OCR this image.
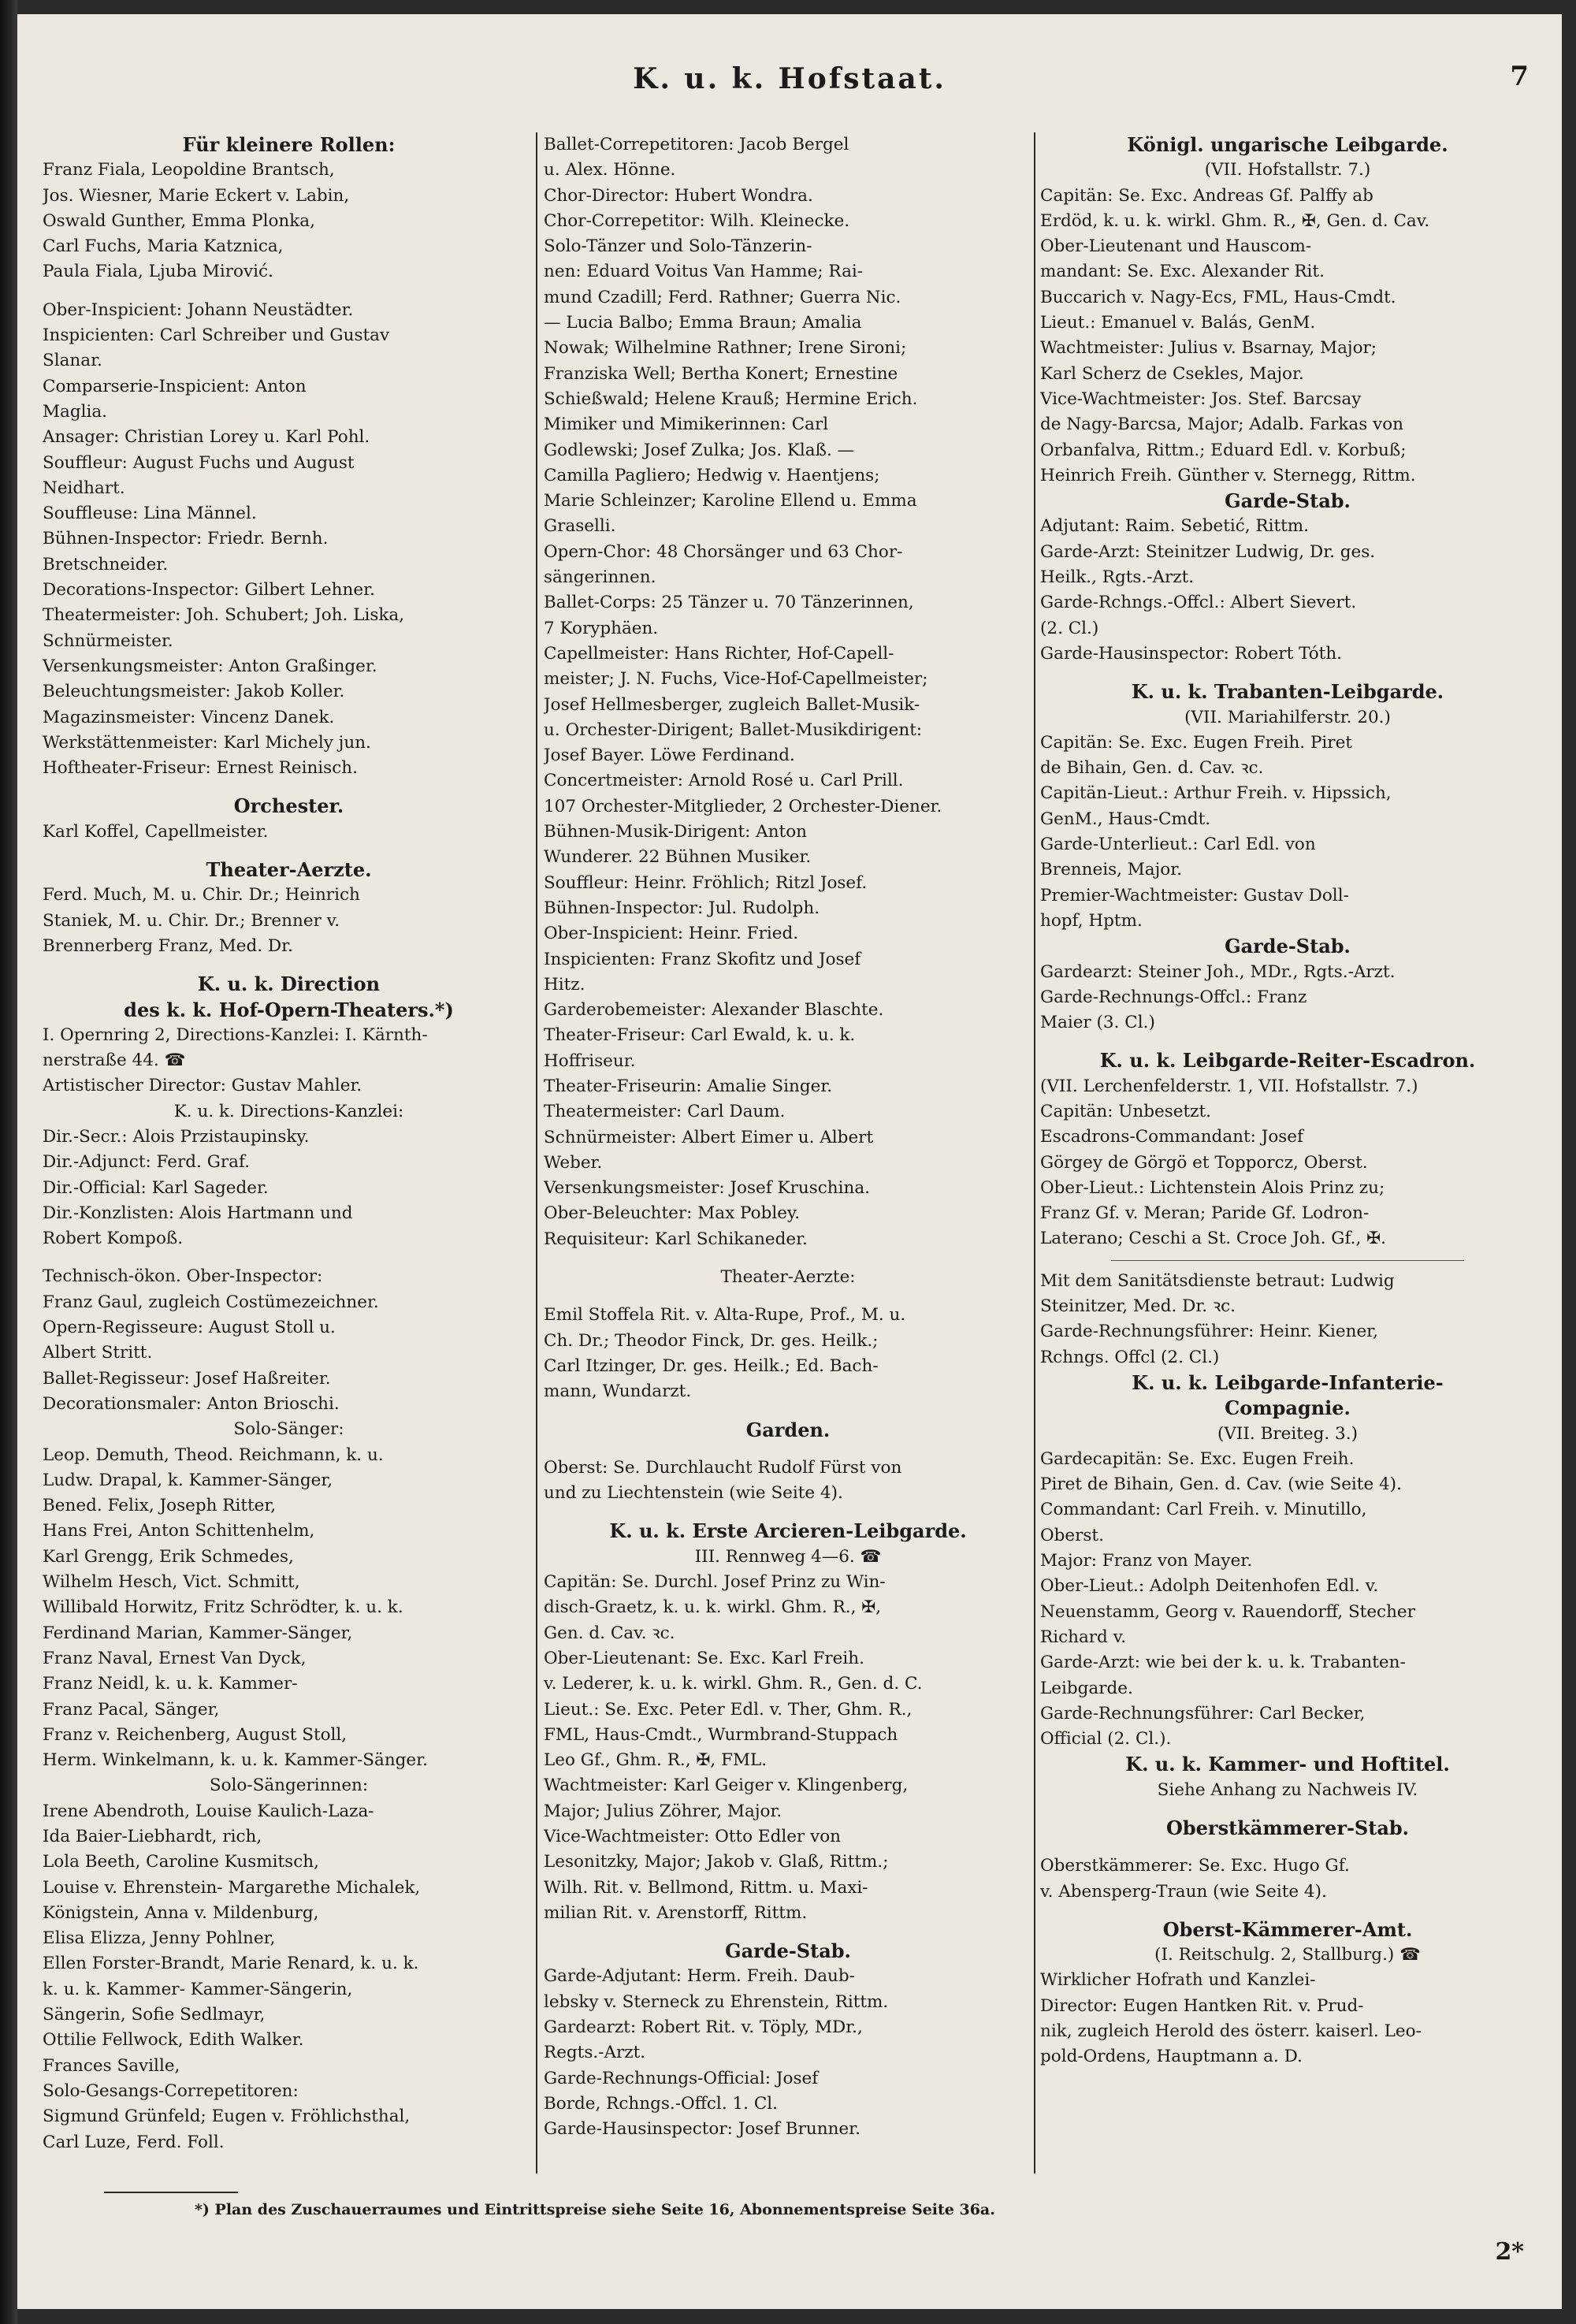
K. u. k. Hofstaat.	7
Für kleinere Rollen:
Franz Fiala, Leopoldine Brantsch,
Jos. Wiesner, Marie Eckert v. Labin,
Oswald Gunther, Emma Plonka,
Carl Fuchs, Maria Katznica,
Paula Fiala, Ljuba Mirović.
Ober-Inspicient: Johann Neustädter.
Inspicienten: Carl Schreiber und Gustav
Slanar.
Comparserie-Inspicient: Anton
Maglia.
Ansager: Christian Lorey u. Karl Pohl.
Souffleur: August Fuchs und August
Neidhart.
Souffleuse: Lina Männel.
Bühnen-Inspector: Friedr. Bernh.
Bretschneider.
Decorations-Inspector: Gilbert Lehner.
Theatermeister: Joh. Schubert; Joh. Liska,
Schnürmeister.
Versenkungsmeister: Anton Graßinger.
Beleuchtungsmeister: Jakob Koller.
Magazinsmeister: Vincenz Danek.
Werkstättenmeister: Karl Michely jun.
Hoftheater-Friseur: Ernest Reinisch.
Orchester.
Karl Koffel, Capellmeister.
Theater-Aerzte.
Ferd. Much, M. u. Chir. Dr.; Heinrich
Staniek, M. u. Chir. Dr.; Brenner v.
Brennerberg Franz, Med. Dr.
K. u. k. Direction
des k. k. Hof-Opern-Theaters.*)
I. Opernring 2, Directions-Kanzlei: I. Kärnth-
nerstraße 44. ☎
Artistischer Director: Gustav Mahler.
K. u. k. Directions-Kanzlei:
Dir.-Secr.: Alois Przistaupinsky.
Dir.-Adjunct: Ferd. Graf.
Dir.-Official: Karl Sageder.
Dir.-Konzlisten: Alois Hartmann und
Robert Kompoß.
Technisch-ökon. Ober-Inspector:
Franz Gaul, zugleich Costümezeichner.
Opern-Regisseure: August Stoll u.
Albert Stritt.
Ballet-Regisseur: Josef Haßreiter.
Decorationsmaler: Anton Brioschi.
Solo-Sänger:
Leop. Demuth, Theod. Reichmann, k. u.
Ludw. Drapal, k. Kammer-Sänger,
Bened. Felix, Joseph Ritter,
Hans Frei, Anton Schittenhelm,
Karl Grengg, Erik Schmedes,
Wilhelm Hesch, Vict. Schmitt,
Willibald Horwitz, Fritz Schrödter, k. u. k.
Ferdinand Marian, Kammer-Sänger,
Franz Naval, Ernest Van Dyck,
Franz Neidl, k. u. k. Kammer-
Franz Pacal, Sänger,
Franz v. Reichenberg, August Stoll,
Herm. Winkelmann, k. u. k. Kammer-Sänger.
Solo-Sängerinnen:
Irene Abendroth, Louise Kaulich-Laza-
Ida Baier-Liebhardt, rich,
Lola Beeth, Caroline Kusmitsch,
Louise v. Ehrenstein- Margarethe Michalek,
Königstein, Anna v. Mildenburg,
Elisa Elizza, Jenny Pohlner,
Ellen Forster-Brandt, Marie Renard, k. u. k.
k. u. k. Kammer- Kammer-Sängerin,
Sängerin, Sofie Sedlmayr,
Ottilie Fellwock, Edith Walker.
Frances Saville,
Solo-Gesangs-Correpetitoren:
Sigmund Grünfeld; Eugen v. Fröhlichsthal,
Carl Luze, Ferd. Foll.
Ballet-Correpetitoren: Jacob Bergel
u. Alex. Hönne.
Chor-Director: Hubert Wondra.
Chor-Correpetitor: Wilh. Kleinecke.
Solo-Tänzer und Solo-Tänzerin-
nen: Eduard Voitus Van Hamme; Rai-
mund Czadill; Ferd. Rathner; Guerra Nic.
— Lucia Balbo; Emma Braun; Amalia
Nowak; Wilhelmine Rathner; Irene Sironi;
Franziska Well; Bertha Konert; Ernestine
Schießwald; Helene Krauß; Hermine Erich.
Mimiker und Mimikerinnen: Carl
Godlewski; Josef Zulka; Jos. Klaß. —
Camilla Pagliero; Hedwig v. Haentjens;
Marie Schleinzer; Karoline Ellend u. Emma
Graselli.
Opern-Chor: 48 Chorsänger und 63 Chor-
sängerinnen.
Ballet-Corps: 25 Tänzer u. 70 Tänzerinnen,
7 Koryphäen.
Capellmeister: Hans Richter, Hof-Capell-
meister; J. N. Fuchs, Vice-Hof-Capellmeister;
Josef Hellmesberger, zugleich Ballet-Musik-
u. Orchester-Dirigent; Ballet-Musikdirigent:
Josef Bayer. Löwe Ferdinand.
Concertmeister: Arnold Rosé u. Carl Prill.
107 Orchester-Mitglieder, 2 Orchester-Diener.
Bühnen-Musik-Dirigent: Anton
Wunderer. 22 Bühnen Musiker.
Souffleur: Heinr. Fröhlich; Ritzl Josef.
Bühnen-Inspector: Jul. Rudolph.
Ober-Inspicient: Heinr. Fried.
Inspicienten: Franz Skofitz und Josef
Hitz.
Garderobemeister: Alexander Blaschte.
Theater-Friseur: Carl Ewald, k. u. k.
Hoffriseur.
Theater-Friseurin: Amalie Singer.
Theatermeister: Carl Daum.
Schnürmeister: Albert Eimer u. Albert
Weber.
Versenkungsmeister: Josef Kruschina.
Ober-Beleuchter: Max Pobley.
Requisiteur: Karl Schikaneder.
Theater-Aerzte:
Emil Stoffela Rit. v. Alta-Rupe, Prof., M. u.
Ch. Dr.; Theodor Finck, Dr. ges. Heilk.;
Carl Itzinger, Dr. ges. Heilk.; Ed. Bach-
mann, Wundarzt.
Garden.
Oberst: Se. Durchlaucht Rudolf Fürst von
und zu Liechtenstein (wie Seite 4).
K. u. k. Erste Arcieren-Leibgarde.
III. Rennweg 4—6. ☎
Capitän: Se. Durchl. Josef Prinz zu Win-
disch-Graetz, k. u. k. wirkl. Ghm. R., ✠,
Gen. d. Cav. ꝛc.
Ober-Lieutenant: Se. Exc. Karl Freih.
v. Lederer, k. u. k. wirkl. Ghm. R., Gen. d. C.
Lieut.: Se. Exc. Peter Edl. v. Ther, Ghm. R.,
FML, Haus-Cmdt., Wurmbrand-Stuppach
Leo Gf., Ghm. R., ✠, FML.
Wachtmeister: Karl Geiger v. Klingenberg,
Major; Julius Zöhrer, Major.
Vice-Wachtmeister: Otto Edler von
Lesonitzky, Major; Jakob v. Glaß, Rittm.;
Wilh. Rit. v. Bellmond, Rittm. u. Maxi-
milian Rit. v. Arenstorff, Rittm.
Garde-Stab.
Garde-Adjutant: Herm. Freih. Daub-
lebsky v. Sterneck zu Ehrenstein, Rittm.
Gardearzt: Robert Rit. v. Töply, MDr.,
Regts.-Arzt.
Garde-Rechnungs-Official: Josef
Borde, Rchngs.-Offcl. 1. Cl.
Garde-Hausinspector: Josef Brunner.
Königl. ungarische Leibgarde.
(VII. Hofstallstr. 7.)
Capitän: Se. Exc. Andreas Gf. Palffy ab
Erdöd, k. u. k. wirkl. Ghm. R., ✠, Gen. d. Cav.
Ober-Lieutenant und Hauscom-
mandant: Se. Exc. Alexander Rit.
Buccarich v. Nagy-Ecs, FML, Haus-Cmdt.
Lieut.: Emanuel v. Balás, GenM.
Wachtmeister: Julius v. Bsarnay, Major;
Karl Scherz de Csekles, Major.
Vice-Wachtmeister: Jos. Stef. Barcsay
de Nagy-Barcsa, Major; Adalb. Farkas von
Orbanfalva, Rittm.; Eduard Edl. v. Korbuß;
Heinrich Freih. Günther v. Sternegg, Rittm.
Garde-Stab.
Adjutant: Raim. Sebetić, Rittm.
Garde-Arzt: Steinitzer Ludwig, Dr. ges.
Heilk., Rgts.-Arzt.
Garde-Rchngs.-Offcl.: Albert Sievert.
(2. Cl.)
Garde-Hausinspector: Robert Tóth.
K. u. k. Trabanten-Leibgarde.
(VII. Mariahilferstr. 20.)
Capitän: Se. Exc. Eugen Freih. Piret
de Bihain, Gen. d. Cav. ꝛc.
Capitän-Lieut.: Arthur Freih. v. Hipssich,
GenM., Haus-Cmdt.
Garde-Unterlieut.: Carl Edl. von
Brenneis, Major.
Premier-Wachtmeister: Gustav Doll-
hopf, Hptm.
Garde-Stab.
Gardearzt: Steiner Joh., MDr., Rgts.-Arzt.
Garde-Rechnungs-Offcl.: Franz
Maier (3. Cl.)
K. u. k. Leibgarde-Reiter-Escadron.
(VII. Lerchenfelderstr. 1, VII. Hofstallstr. 7.)
Capitän: Unbesetzt.
Escadrons-Commandant: Josef
Görgey de Görgö et Topporcz, Oberst.
Ober-Lieut.: Lichtenstein Alois Prinz zu;
Franz Gf. v. Meran; Paride Gf. Lodron-
Laterano; Ceschi a St. Croce Joh. Gf., ✠.
Mit dem Sanitätsdienste betraut: Ludwig
Steinitzer, Med. Dr. ꝛc.
Garde-Rechnungsführer: Heinr. Kiener,
Rchngs. Offcl (2. Cl.)
K. u. k. Leibgarde-Infanterie-
Compagnie.
(VII. Breiteg. 3.)
Gardecapitän: Se. Exc. Eugen Freih.
Piret de Bihain, Gen. d. Cav. (wie Seite 4).
Commandant: Carl Freih. v. Minutillo,
Oberst.
Major: Franz von Mayer.
Ober-Lieut.: Adolph Deitenhofen Edl. v.
Neuenstamm, Georg v. Rauendorff, Stecher
Richard v.
Garde-Arzt: wie bei der k. u. k. Trabanten-
Leibgarde.
Garde-Rechnungsführer: Carl Becker,
Official (2. Cl.).
K. u. k. Kammer- und Hoftitel.
Siehe Anhang zu Nachweis IV.
Oberstkämmerer-Stab.
Oberstkämmerer: Se. Exc. Hugo Gf.
v. Abensperg-Traun (wie Seite 4).
Oberst-Kämmerer-Amt.
(I. Reitschulg. 2, Stallburg.) ☎
Wirklicher Hofrath und Kanzlei-
Director: Eugen Hantken Rit. v. Prud-
nik, zugleich Herold des österr. kaiserl. Leo-
pold-Ordens, Hauptmann a. D.
*) Plan des Zuschauerraumes und Eintrittspreise siehe Seite 16, Abonnementspreise Seite 36a.
2*
